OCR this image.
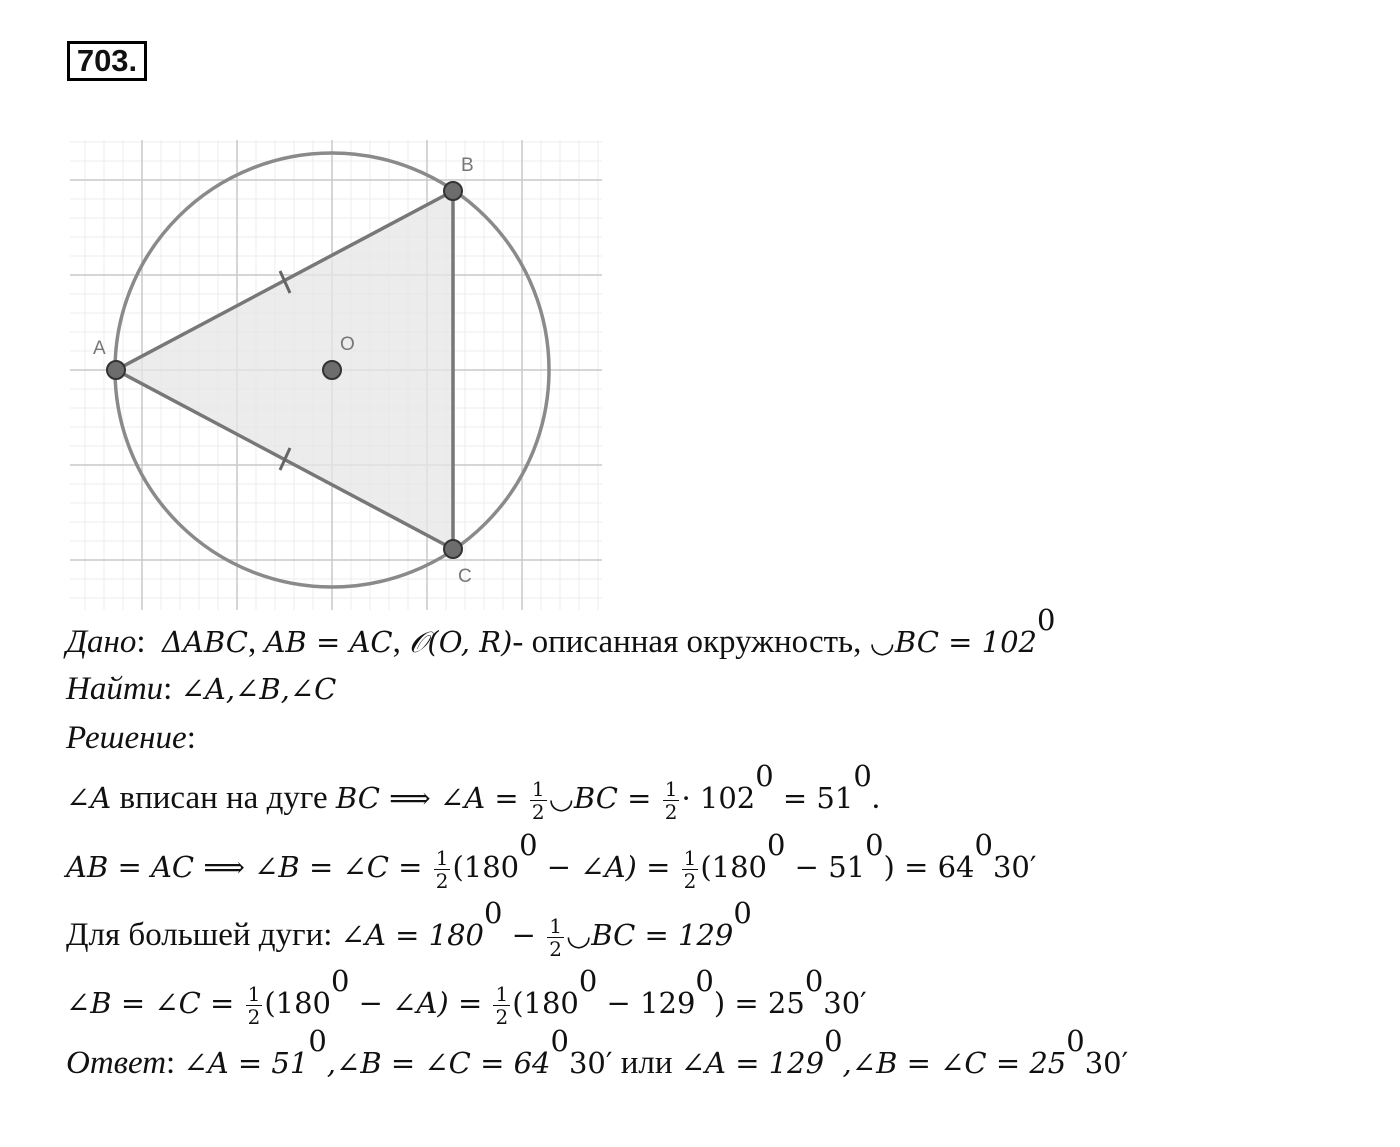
703.
A
B
C
O
Дано:  ΔABC, AB = AC, 𝒪(O, R)- описанная окружность, ◡BC = $102^0$
Найти: ∠A,∠B,∠C
Решение:
∠A вписан на дуге BC ⟹ ∠A = $\frac{1}{2}$ ◡BC = $\frac{1}{2} \cdot 102^0 = 51^0$.
AB = AC ⟹ ∠B = ∠C = $\frac{1}{2} (180^0$ − ∠A) = $\frac{1}{2} (180^0 - 51^0) = 64^030'$
Для большей дуги: ∠A = $180^0 - \frac{1}{2}$ ◡BC = $129^0$
∠B = ∠C = $\frac{1}{2} (180^0$ − ∠A) = $\frac{1}{2} (180^0 - 129^0) = 25^030'$
Ответ: ∠A = $51^0,\angle B$ = ∠C = $64^030'$ или ∠A = $129^0,\angle B$ = ∠C = $25^030'$
